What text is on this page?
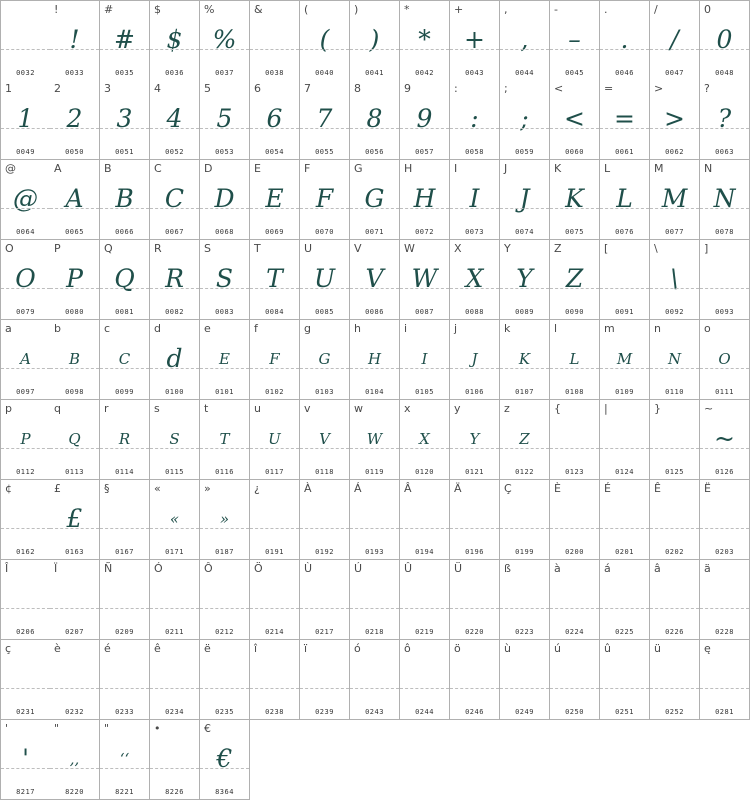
0032
!
!
0033
#
#
0035
$
$
0036
%
%
0037
&
0038
(
(
0040
)
)
0041
*
*
0042
+
+
0043
,
,
0044
-
–
0045
.
.
0046
/
/
0047
0
0
0048
1
1
0049
2
2
0050
3
3
0051
4
4
0052
5
5
0053
6
6
0054
7
7
0055
8
8
0056
9
9
0057
:
:
0058
;
;
0059
<
<
0060
=
=
0061
>
>
0062
?
?
0063
@
@
0064
A
A
0065
B
B
0066
C
C
0067
D
D
0068
E
E
0069
F
F
0070
G
G
0071
H
H
0072
I
I
0073
J
J
0074
K
K
0075
L
L
0076
M
M
0077
N
N
0078
O
O
0079
P
P
0080
Q
Q
0081
R
R
0082
S
S
0083
T
T
0084
U
U
0085
V
V
0086
W
W
0087
X
X
0088
Y
Y
0089
Z
Z
0090
[
0091
\
\
0092
]
0093
a
A
0097
b
B
0098
c
C
0099
d
d
0100
e
E
0101
f
F
0102
g
G
0103
h
H
0104
i
I
0105
j
J
0106
k
K
0107
l
L
0108
m
M
0109
n
N
0110
o
O
0111
p
P
0112
q
Q
0113
r
R
0114
s
S
0115
t
T
0116
u
U
0117
v
V
0118
w
W
0119
x
X
0120
y
Y
0121
z
Z
0122
{
0123
|
0124
}
0125
~
~
0126
¢
0162
£
£
0163
§
0167
«
«
0171
»
»
0187
¿
0191
À
0192
Á
0193
Â
0194
Ä
0196
Ç
0199
È
0200
É
0201
Ê
0202
Ë
0203
Î
0206
Ï
0207
Ñ
0209
Ó
0211
Ô
0212
Ö
0214
Ù
0217
Ú
0218
Û
0219
Ü
0220
ß
0223
à
0224
á
0225
â
0226
ä
0228
ç
0231
è
0232
é
0233
ê
0234
ë
0235
î
0238
ï
0239
ó
0243
ô
0244
ö
0246
ù
0249
ú
0250
û
0251
ü
0252
ę
0281
'
'
8217
"
,,
8220
"
‘‘
8221
•
8226
€
€
8364
